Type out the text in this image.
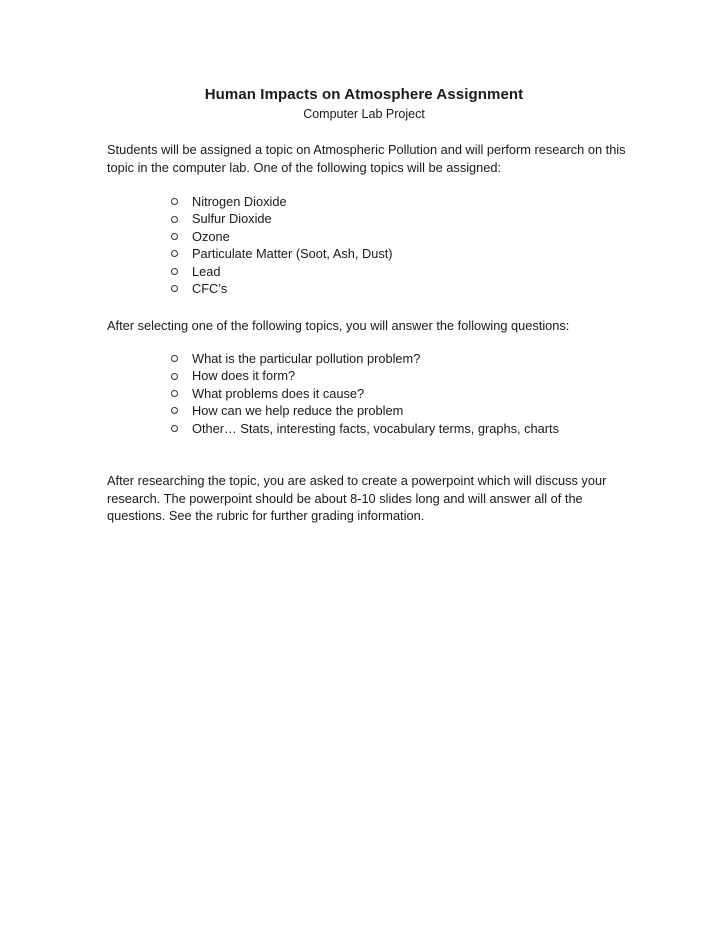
Human Impacts on Atmosphere Assignment
Computer Lab Project

Students will be assigned a topic on Atmospheric Pollution and will perform research on this topic in the computer lab. One of the following topics will be assigned:

Nitrogen Dioxide
Sulfur Dioxide
Ozone
Particulate Matter (Soot, Ash, Dust)
Lead
CFC’s

After selecting one of the following topics, you will answer the following questions:

What is the particular pollution problem?
How does it form?
What problems does it cause?
How can we help reduce the problem
Other… Stats, interesting facts, vocabulary terms, graphs, charts

After researching the topic, you are asked to create a powerpoint which will discuss your research. The powerpoint should be about 8-10 slides long and will answer all of the questions. See the rubric for further grading information.
